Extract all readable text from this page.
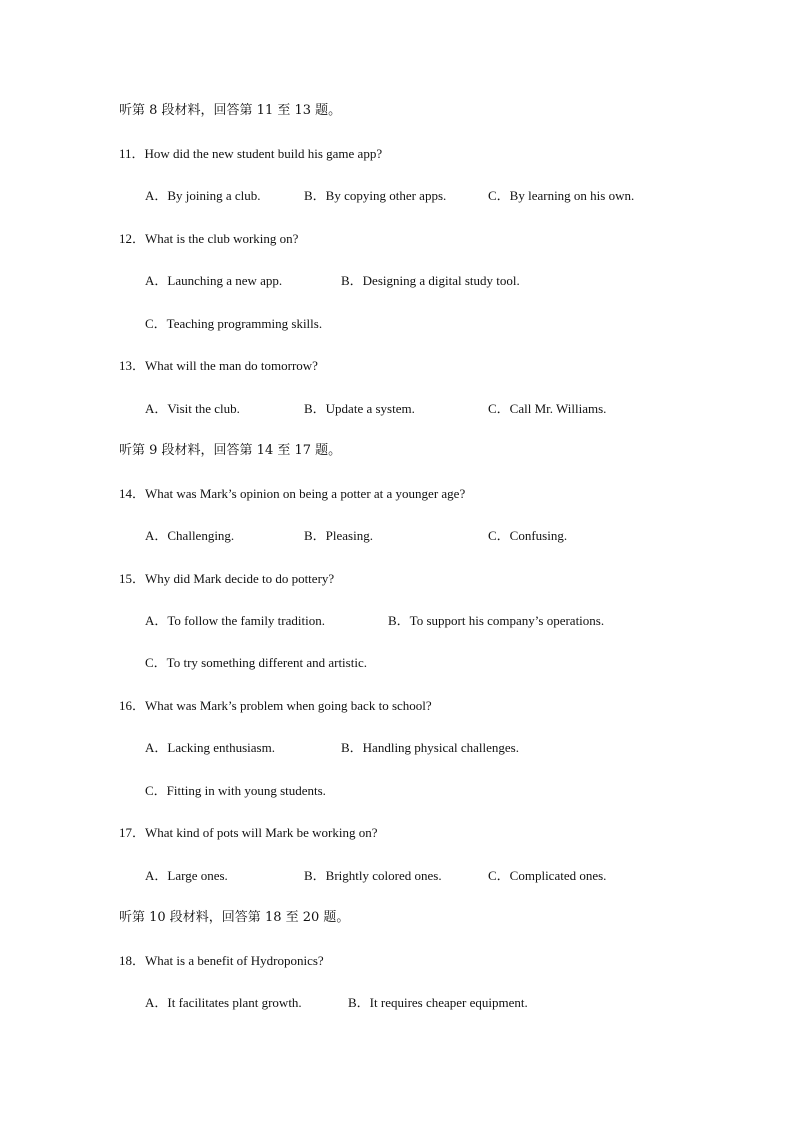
听第 8 段材料，回答第 11 至 13 题。
11．How did the new student build his game app?
A．By joining a club.	B．By copying other apps.	C．By learning on his own.
12．What is the club working on?
A．Launching a new app.	B．Designing a digital study tool.
C．Teaching programming skills.
13．What will the man do tomorrow?
A．Visit the club.	B．Update a system.	C．Call Mr. Williams.
听第 9 段材料，回答第 14 至 17 题。
14．What was Mark’s opinion on being a potter at a younger age?
A．Challenging.	B．Pleasing.	C．Confusing.
15．Why did Mark decide to do pottery?
A．To follow the family tradition.	B．To support his company’s operations.
C．To try something different and artistic.
16．What was Mark’s problem when going back to school?
A．Lacking enthusiasm.	B．Handling physical challenges.
C．Fitting in with young students.
17．What kind of pots will Mark be working on?
A．Large ones.	B．Brightly colored ones.	C．Complicated ones.
听第 10 段材料，回答第 18 至 20 题。
18．What is a benefit of Hydroponics?
A．It facilitates plant growth.	B．It requires cheaper equipment.
